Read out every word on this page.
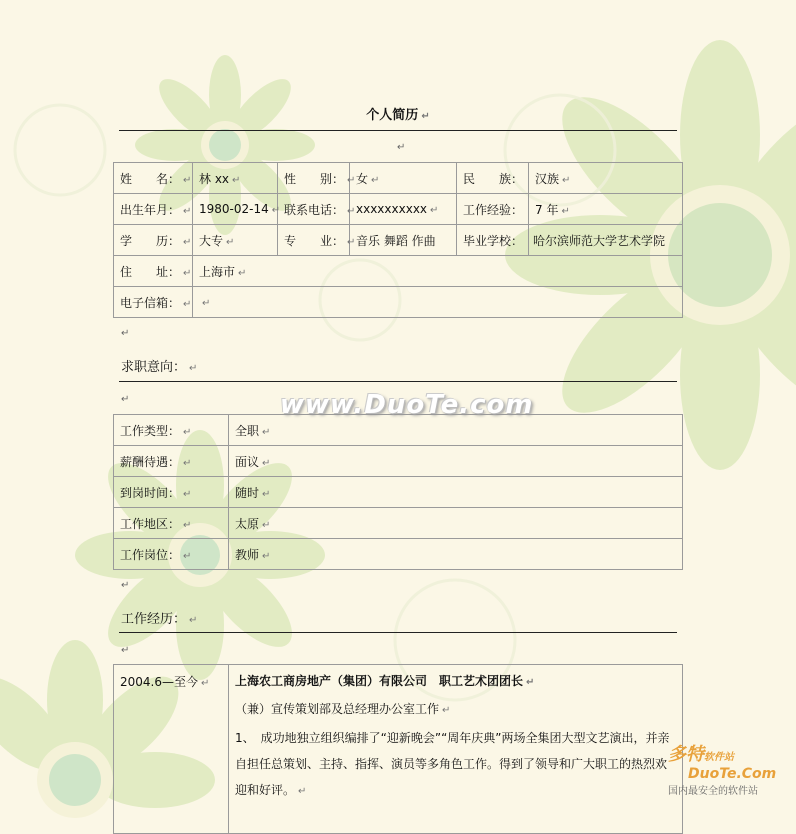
个人简历 ↵
↵
姓　　名： ↵	林 xx ↵	性　　别： ↵	女 ↵	民　　族：	汉族 ↵
出生年月： ↵	1980-02-14 ↵	联系电话： ↵	xxxxxxxxxx ↵	工作经验：	7 年 ↵
学　　历： ↵	大专 ↵	专　　业： ↵	音乐 舞蹈 作曲	毕业学校：	哈尔滨师范大学艺术学院
住　　址： ↵	上海市 ↵				
电子信箱： ↵	↵				
↵
求职意向： ↵
↵
工作类型： ↵	全职 ↵
薪酬待遇： ↵	面议 ↵
到岗时间： ↵	随时 ↵
工作地区： ↵	太原 ↵
工作岗位： ↵	教师 ↵
↵
工作经历： ↵
↵
2004.6—至今 ↵	上海农工商房地产（集团）有限公司　职工艺术团团长 ↵

（兼）宣传策划部及总经理办公室工作 ↵

1、　成功地独立组织编排了“迎新晚会”“周年庆典”两场全集团大型文艺演出，并亲自担任总策划、主持、指挥、演员等多角色工作。得到了领导和广大职工的热烈欢迎和好评。 ↵

www.DuoTe.com
多特软件站
DuoTe.Com
国内最安全的软件站
